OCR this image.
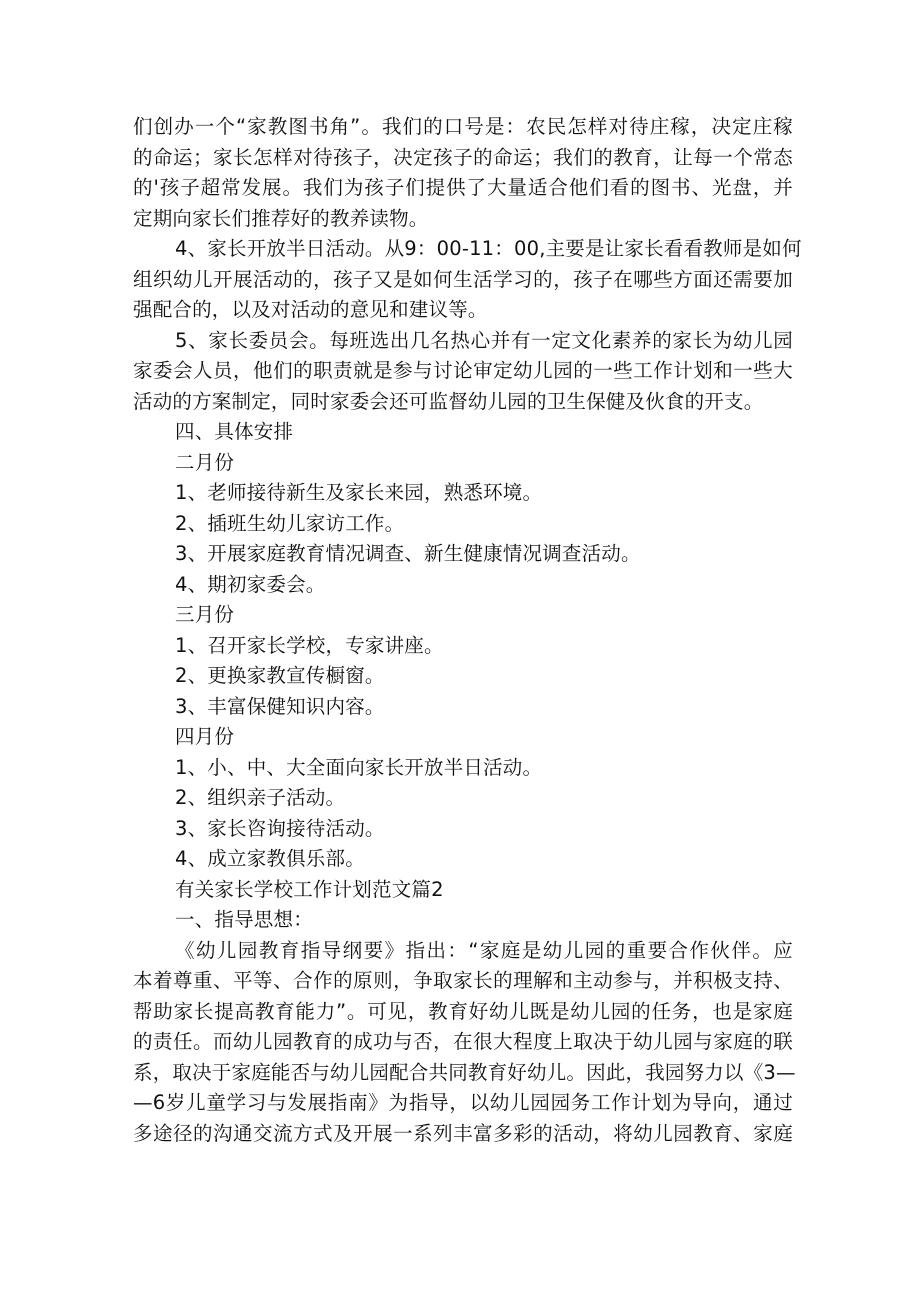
们创办一个“家教图书角”。我们的口号是：农民怎样对待庄稼，决定庄稼
的命运；家长怎样对待孩子，决定孩子的命运；我们的教育，让每一个常态
的'孩子超常发展。我们为孩子们提供了大量适合他们看的图书、光盘，并
定期向家长们推荐好的教养读物。
4、家长开放半日活动。从9：00-11：00,主要是让家长看看教师是如何
组织幼儿开展活动的，孩子又是如何生活学习的，孩子在哪些方面还需要加
强配合的，以及对活动的意见和建议等。
5、家长委员会。每班选出几名热心并有一定文化素养的家长为幼儿园
家委会人员，他们的职责就是参与讨论审定幼儿园的一些工作计划和一些大
活动的方案制定，同时家委会还可监督幼儿园的卫生保健及伙食的开支。
四、具体安排
二月份
1、老师接待新生及家长来园，熟悉环境。
2、插班生幼儿家访工作。
3、开展家庭教育情况调查、新生健康情况调查活动。
4、期初家委会。
三月份
1、召开家长学校，专家讲座。
2、更换家教宣传橱窗。
3、丰富保健知识内容。
四月份
1、小、中、大全面向家长开放半日活动。
2、组织亲子活动。
3、家长咨询接待活动。
4、成立家教俱乐部。
有关家长学校工作计划范文篇2
一、指导思想：
《幼儿园教育指导纲要》指出：“家庭是幼儿园的重要合作伙伴。应
本着尊重、平等、合作的原则，争取家长的理解和主动参与，并积极支持、
帮助家长提高教育能力”。可见，教育好幼儿既是幼儿园的任务，也是家庭
的责任。而幼儿园教育的成功与否，在很大程度上取决于幼儿园与家庭的联
系，取决于家庭能否与幼儿园配合共同教育好幼儿。因此，我园努力以《3—
—6岁儿童学习与发展指南》为指导，以幼儿园园务工作计划为导向，通过
多途径的沟通交流方式及开展一系列丰富多彩的活动，将幼儿园教育、家庭
